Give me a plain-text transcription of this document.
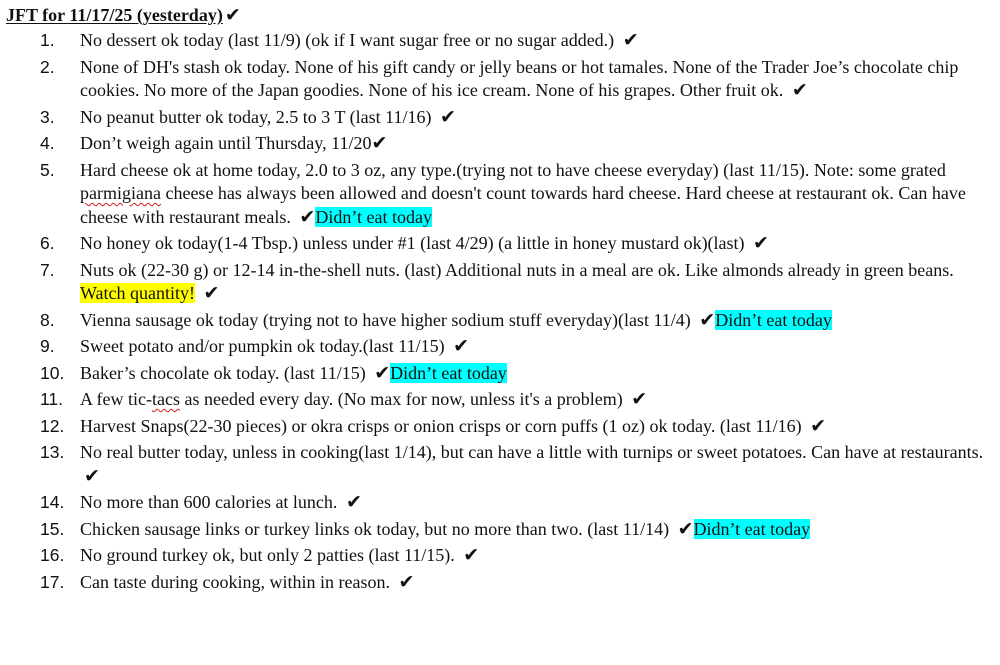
JFT for 11/17/25 (yesterday) ✔
1.	No dessert ok today (last 11/9) (ok if I want sugar free or no sugar added.) ✔
2.	None of DH's stash ok today. None of his gift candy or jelly beans or hot tamales. None of the Trader Joe’s chocolate chip cookies. No more of the Japan goodies. None of his ice cream. None of his grapes. Other fruit ok. ✔
3.	No peanut butter ok today, 2.5 to 3 T (last 11/16) ✔
4.	Don’t weigh again until Thursday, 11/20✔
5.	Hard cheese ok at home today, 2.0 to 3 oz, any type.(trying not to have cheese everyday) (last 11/15). Note: some grated parmigiana cheese has always been allowed and doesn't count towards hard cheese. Hard cheese at restaurant ok. Can have cheese with restaurant meals. ✔Didn’t eat today
6.	No honey ok today(1-4 Tbsp.) unless under #1 (last 4/29) (a little in honey mustard ok)(last) ✔
7.	Nuts ok (22-30 g) or 12-14 in-the-shell nuts. (last) Additional nuts in a meal are ok. Like almonds already in green beans. Watch quantity! ✔
8.	Vienna sausage ok today (trying not to have higher sodium stuff everyday)(last 11/4) ✔Didn’t eat today
9.	Sweet potato and/or pumpkin ok today.(last 11/15) ✔
10. Baker’s chocolate ok today. (last 11/15) ✔Didn’t eat today
11. A few tic-tacs as needed every day. (No max for now, unless it's a problem) ✔
12. Harvest Snaps(22-30 pieces) or okra crisps or onion crisps or corn puffs (1 oz) ok today. (last 11/16) ✔
13. No real butter today, unless in cooking(last 1/14), but can have a little with turnips or sweet potatoes. Can have at restaurants. ✔
14. No more than 600 calories at lunch. ✔
15. Chicken sausage links or turkey links ok today, but no more than two. (last 11/14) ✔Didn’t eat today
16. No ground turkey ok, but only 2 patties (last 11/15). ✔
17. Can taste during cooking, within in reason. ✔
